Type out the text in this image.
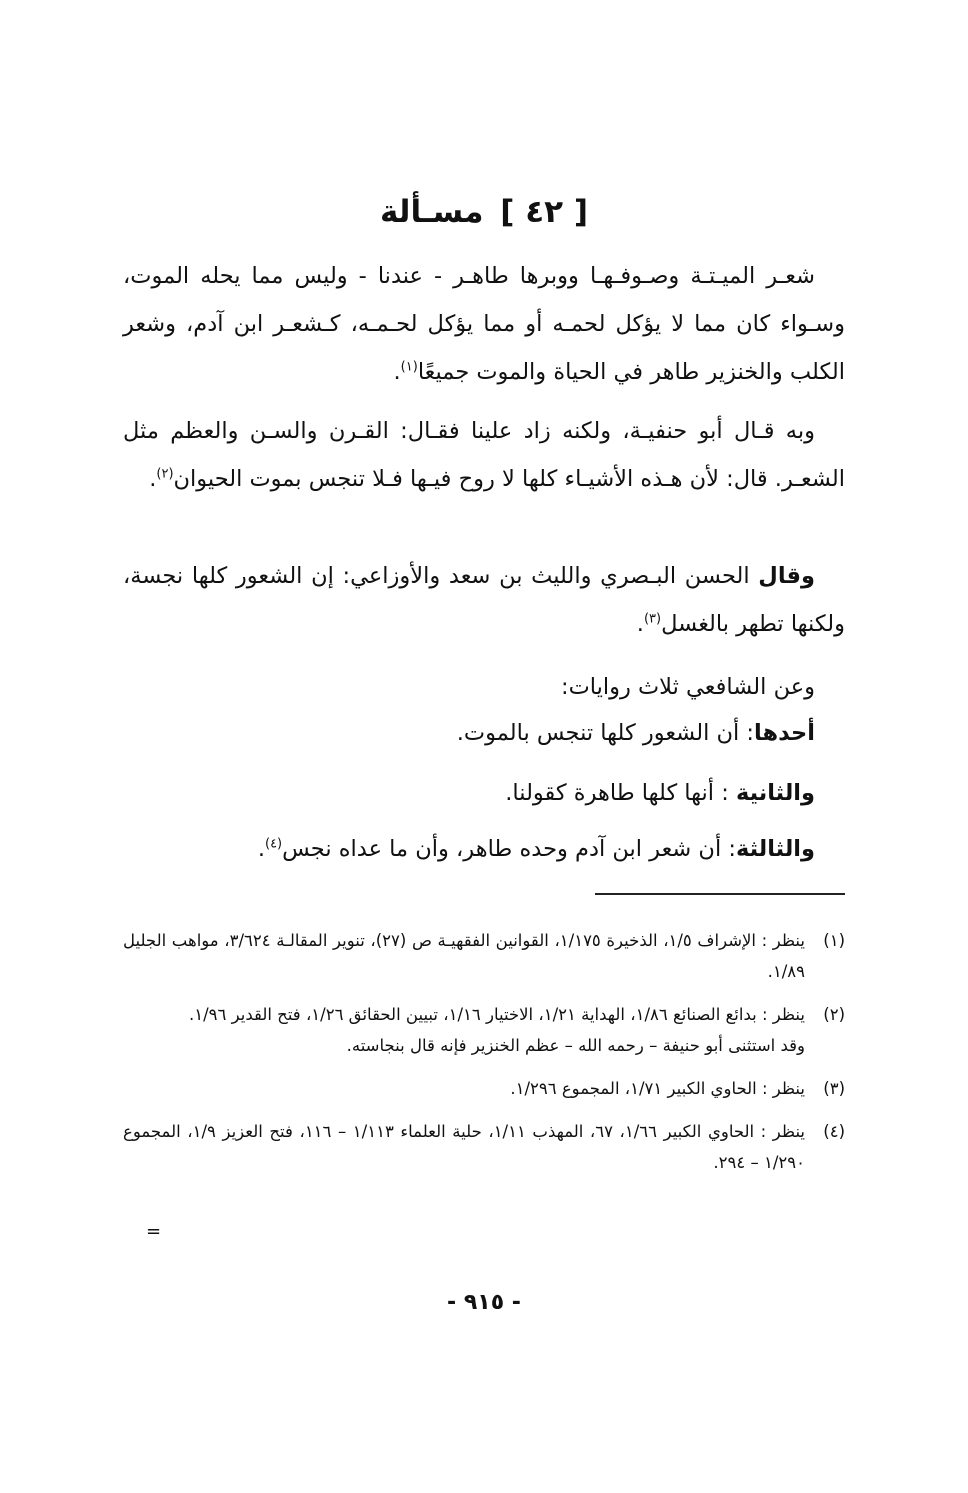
[ ٤٢ ] مسـألة
شعـر الميـتـة وصـوفـهـا ووبرها طاهـر - عندنا - وليس مما يحله الموت، وسـواء كان مما لا يؤكل لحمـه أو مما يؤكل لحـمـه، كـشعـر ابن آدم، وشعر الكلب والخنزير طاهر في الحياة والموت جميعًا$^{(١)}$.
وبه قـال أبو حنفيـة، ولكنه زاد علينا فقـال: القـرن والسـن والعظم مثل الشعـر. قال: لأن هـذه الأشيـاء كلها لا روح فيـها فـلا تنجس بموت الحيوان$^{(٢)}$.
وقال الحسن البـصري والليث بن سعد والأوزاعي: إن الشعور كلها نجسة، ولكنها تطهر بالغسل$^{(٣)}$.
وعن الشافعي ثلاث روايات:
أحدها: أن الشعور كلها تنجس بالموت.
والثانية : أنها كلها طاهرة كقولنا.
والثالثة: أن شعر ابن آدم وحده طاهر، وأن ما عداه نجس$^{(٤)}$.
(١)
ينظر : الإشراف ١/٥، الذخيرة ١/١٧٥، القوانين الفقهيـة ص (٢٧)، تنوير المقالـة ٣/٦٢٤، مواهب الجليل ١/٨٩.
(٢)
ينظر : بدائع الصنائع ١/٨٦، الهداية ١/٢١، الاختيار ١/١٦، تبيين الحقائق ١/٢٦، فتح القدير ١/٩٦.
وقد استثنى أبو حنيفة – رحمه الله – عظم الخنزير فإنه قال بنجاسته.
(٣)
ينظر : الحاوي الكبير ١/٧١، المجموع ١/٢٩٦.
(٤)
ينظر : الحاوي الكبير ١/٦٦، ٦٧، المهذب ١/١١، حلية العلماء ١/١١٣ – ١١٦، فتح العزيز ١/٩، المجموع ١/٢٩٠ – ٢٩٤.
=
- ٩١٥ -
